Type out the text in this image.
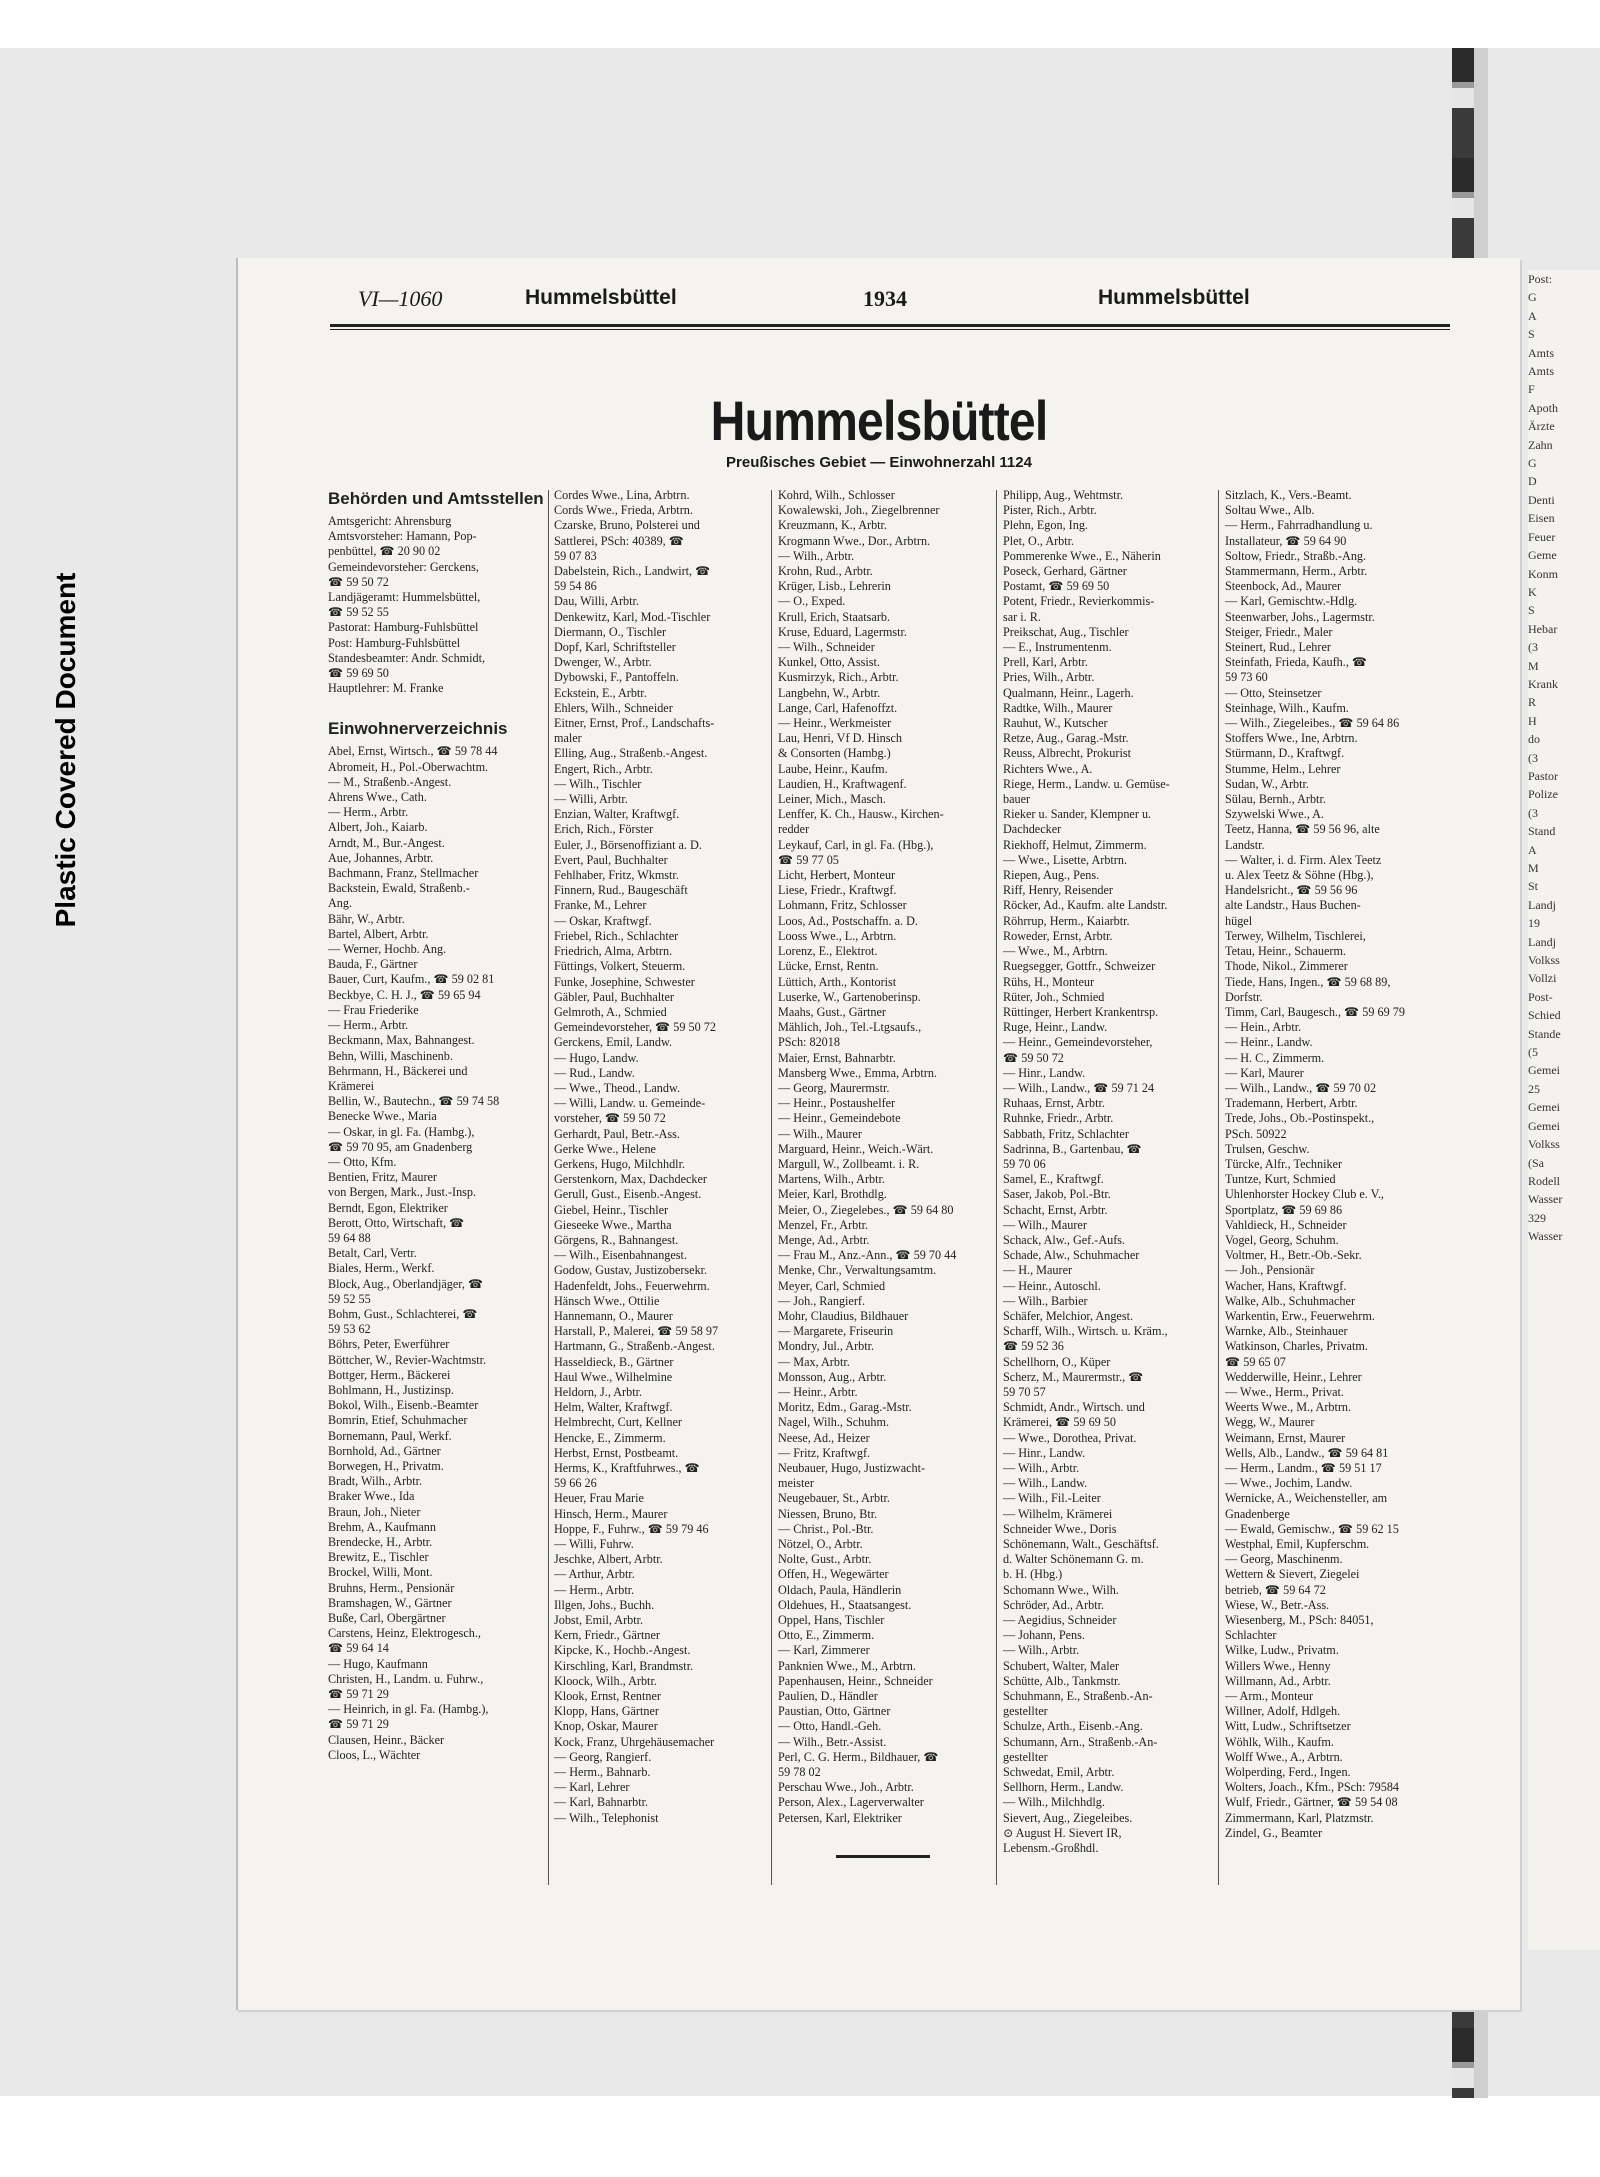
Post:
G
A
S
Amts
Amts
F
Apoth
Ärzte
Zahn
G
D
Denti
Eisen
Feuer
Geme
Konm
K
S
Hebar
(3
M
Krank
R
H
do
(3
Pastor
Polize
(3
Stand
A
M
St
Landj
19
Landj
Volkss
Vollzi
Post-
Schied
Stande
(5
Gemei
25
Gemei
Gemei
Volkss
(Sa
Rodell
Wasser
329
Wasser
VI—1060	Hummelsbüttel	1934	Hummelsbüttel
Hummelsbüttel
Preußisches Gebiet — Einwohnerzahl 1124
Behörden und Amtsstellen
Amtsgericht: Ahrensburg
Amtsvorsteher: Hamann, Pop-
penbüttel, ☎ 20 90 02
Gemeindevorsteher: Gerckens,
☎ 59 50 72
Landjägeramt: Hummelsbüttel,
☎ 59 52 55
Pastorat: Hamburg-Fuhlsbüttel
Post: Hamburg-Fuhlsbüttel
Standesbeamter: Andr. Schmidt,
☎ 59 69 50
Hauptlehrer: M. Franke
Einwohnerverzeichnis
Abel, Ernst, Wirtsch., ☎ 59 78 44
Abromeit, H., Pol.-Oberwachtm.
— M., Straßenb.-Angest.
Ahrens Wwe., Cath.
— Herm., Arbtr.
Albert, Joh., Kaiarb.
Arndt, M., Bur.-Angest.
Aue, Johannes, Arbtr.
Bachmann, Franz, Stellmacher
Backstein, Ewald, Straßenb.-
Ang.
Bähr, W., Arbtr.
Bartel, Albert, Arbtr.
— Werner, Hochb. Ang.
Bauda, F., Gärtner
Bauer, Curt, Kaufm., ☎ 59 02 81
Beckbye, C. H. J., ☎ 59 65 94
— Frau Friederike
— Herm., Arbtr.
Beckmann, Max, Bahnangest.
Behn, Willi, Maschinenb.
Behrmann, H., Bäckerei und
Krämerei
Bellin, W., Bautechn., ☎ 59 74 58
Benecke Wwe., Maria
— Oskar, in gl. Fa. (Hambg.),
☎ 59 70 95, am Gnadenberg
— Otto, Kfm.
Bentien, Fritz, Maurer
von Bergen, Mark., Just.-Insp.
Berndt, Egon, Elektriker
Berott, Otto, Wirtschaft, ☎
59 64 88
Betalt, Carl, Vertr.
Biales, Herm., Werkf.
Block, Aug., Oberlandjäger, ☎
59 52 55
Bohm, Gust., Schlachterei, ☎
59 53 62
Böhrs, Peter, Ewerführer
Böttcher, W., Revier-Wachtmstr.
Bottger, Herm., Bäckerei
Bohlmann, H., Justizinsp.
Bokol, Wilh., Eisenb.-Beamter
Bomrin, Etief, Schuhmacher
Bornemann, Paul, Werkf.
Bornhold, Ad., Gärtner
Borwegen, H., Privatm.
Bradt, Wilh., Arbtr.
Braker Wwe., Ida
Braun, Joh., Nieter
Brehm, A., Kaufmann
Brendecke, H., Arbtr.
Brewitz, E., Tischler
Brockel, Willi, Mont.
Bruhns, Herm., Pensionär
Bramshagen, W., Gärtner
Buße, Carl, Obergärtner
Carstens, Heinz, Elektrogesch.,
☎ 59 64 14
— Hugo, Kaufmann
Christen, H., Landm. u. Fuhrw.,
☎ 59 71 29
— Heinrich, in gl. Fa. (Hambg.),
☎ 59 71 29
Clausen, Heinr., Bäcker
Cloos, L., Wächter
Cordes Wwe., Lina, Arbtrn.
Cords Wwe., Frieda, Arbtrn.
Czarske, Bruno, Polsterei und
Sattlerei, PSch: 40389, ☎
59 07 83
Dabelstein, Rich., Landwirt, ☎
59 54 86
Dau, Willi, Arbtr.
Denkewitz, Karl, Mod.-Tischler
Diermann, O., Tischler
Dopf, Karl, Schriftsteller
Dwenger, W., Arbtr.
Dybowski, F., Pantoffeln.
Eckstein, E., Arbtr.
Ehlers, Wilh., Schneider
Eitner, Ernst, Prof., Landschafts-
maler
Elling, Aug., Straßenb.-Angest.
Engert, Rich., Arbtr.
— Wilh., Tischler
— Willi, Arbtr.
Enzian, Walter, Kraftwgf.
Erich, Rich., Förster
Euler, J., Börsenoffiziant a. D.
Evert, Paul, Buchhalter
Fehlhaber, Fritz, Wkmstr.
Finnern, Rud., Baugeschäft
Franke, M., Lehrer
— Oskar, Kraftwgf.
Friebel, Rich., Schlachter
Friedrich, Alma, Arbtrn.
Füttings, Volkert, Steuerm.
Funke, Josephine, Schwester
Gäbler, Paul, Buchhalter
Gelmroth, A., Schmied
Gemeindevorsteher, ☎ 59 50 72
Gerckens, Emil, Landw.
— Hugo, Landw.
— Rud., Landw.
— Wwe., Theod., Landw.
— Willi, Landw. u. Gemeinde-
vorsteher, ☎ 59 50 72
Gerhardt, Paul, Betr.-Ass.
Gerke Wwe., Helene
Gerkens, Hugo, Milchhdlr.
Gerstenkorn, Max, Dachdecker
Gerull, Gust., Eisenb.-Angest.
Giebel, Heinr., Tischler
Gieseeke Wwe., Martha
Görgens, R., Bahnangest.
— Wilh., Eisenbahnangest.
Godow, Gustav, Justizobersekr.
Hadenfeldt, Johs., Feuerwehrm.
Hänsch Wwe., Ottilie
Hannemann, O., Maurer
Harstall, P., Malerei, ☎ 59 58 97
Hartmann, G., Straßenb.-Angest.
Hasseldieck, B., Gärtner
Haul Wwe., Wilhelmine
Heldorn, J., Arbtr.
Helm, Walter, Kraftwgf.
Helmbrecht, Curt, Kellner
Hencke, E., Zimmerm.
Herbst, Ernst, Postbeamt.
Herms, K., Kraftfuhrwes., ☎
59 66 26
Heuer, Frau Marie
Hinsch, Herm., Maurer
Hoppe, F., Fuhrw., ☎ 59 79 46
— Willi, Fuhrw.
Jeschke, Albert, Arbtr.
— Arthur, Arbtr.
— Herm., Arbtr.
Illgen, Johs., Buchh.
Jobst, Emil, Arbtr.
Kern, Friedr., Gärtner
Kipcke, K., Hochb.-Angest.
Kirschling, Karl, Brandmstr.
Kloock, Wilh., Arbtr.
Klook, Ernst, Rentner
Klopp, Hans, Gärtner
Knop, Oskar, Maurer
Kock, Franz, Uhrgehäusemacher
— Georg, Rangierf.
— Herm., Bahnarb.
— Karl, Lehrer
— Karl, Bahnarbtr.
— Wilh., Telephonist
Kohrd, Wilh., Schlosser
Kowalewski, Joh., Ziegelbrenner
Kreuzmann, K., Arbtr.
Krogmann Wwe., Dor., Arbtrn.
— Wilh., Arbtr.
Krohn, Rud., Arbtr.
Krüger, Lisb., Lehrerin
— O., Exped.
Krull, Erich, Staatsarb.
Kruse, Eduard, Lagermstr.
— Wilh., Schneider
Kunkel, Otto, Assist.
Kusmirzyk, Rich., Arbtr.
Langbehn, W., Arbtr.
Lange, Carl, Hafenoffzt.
— Heinr., Werkmeister
Lau, Henri, Vf D. Hinsch
& Consorten (Hambg.)
Laube, Heinr., Kaufm.
Laudien, H., Kraftwagenf.
Leiner, Mich., Masch.
Lenffer, K. Ch., Hausw., Kirchen-
redder
Leykauf, Carl, in gl. Fa. (Hbg.),
☎ 59 77 05
Licht, Herbert, Monteur
Liese, Friedr., Kraftwgf.
Lohmann, Fritz, Schlosser
Loos, Ad., Postschaffn. a. D.
Looss Wwe., L., Arbtrn.
Lorenz, E., Elektrot.
Lücke, Ernst, Rentn.
Lüttich, Arth., Kontorist
Luserke, W., Gartenoberinsp.
Maahs, Gust., Gärtner
Mählich, Joh., Tel.-Ltgsaufs.,
PSch: 82018
Maier, Ernst, Bahnarbtr.
Mansberg Wwe., Emma, Arbtrn.
— Georg, Maurermstr.
— Heinr., Postaushelfer
— Heinr., Gemeindebote
— Wilh., Maurer
Marguard, Heinr., Weich.-Wärt.
Margull, W., Zollbeamt. i. R.
Martens, Wilh., Arbtr.
Meier, Karl, Brothdlg.
Meier, O., Ziegelebes., ☎ 59 64 80
Menzel, Fr., Arbtr.
Menge, Ad., Arbtr.
— Frau M., Anz.-Ann., ☎ 59 70 44
Menke, Chr., Verwaltungsamtm.
Meyer, Carl, Schmied
— Joh., Rangierf.
Mohr, Claudius, Bildhauer
— Margarete, Friseurin
Mondry, Jul., Arbtr.
— Max, Arbtr.
Monsson, Aug., Arbtr.
— Heinr., Arbtr.
Moritz, Edm., Garag.-Mstr.
Nagel, Wilh., Schuhm.
Neese, Ad., Heizer
— Fritz, Kraftwgf.
Neubauer, Hugo, Justizwacht-
meister
Neugebauer, St., Arbtr.
Niessen, Bruno, Btr.
— Christ., Pol.-Btr.
Nötzel, O., Arbtr.
Nolte, Gust., Arbtr.
Offen, H., Wegewärter
Oldach, Paula, Händlerin
Oldehues, H., Staatsangest.
Oppel, Hans, Tischler
Otto, E., Zimmerm.
— Karl, Zimmerer
Panknien Wwe., M., Arbtrn.
Papenhausen, Heinr., Schneider
Paulien, D., Händler
Paustian, Otto, Gärtner
— Otto, Handl.-Geh.
— Wilh., Betr.-Assist.
Perl, C. G. Herm., Bildhauer, ☎
59 78 02
Perschau Wwe., Joh., Arbtr.
Person, Alex., Lagerverwalter
Petersen, Karl, Elektriker
Philipp, Aug., Wehtmstr.
Pister, Rich., Arbtr.
Plehn, Egon, Ing.
Plet, O., Arbtr.
Pommerenke Wwe., E., Näherin
Poseck, Gerhard, Gärtner
Postamt, ☎ 59 69 50
Potent, Friedr., Revierkommis-
sar i. R.
Preikschat, Aug., Tischler
— E., Instrumentenm.
Prell, Karl, Arbtr.
Pries, Wilh., Arbtr.
Qualmann, Heinr., Lagerh.
Radtke, Wilh., Maurer
Rauhut, W., Kutscher
Retze, Aug., Garag.-Mstr.
Reuss, Albrecht, Prokurist
Richters Wwe., A.
Riege, Herm., Landw. u. Gemüse-
bauer
Rieker u. Sander, Klempner u.
Dachdecker
Riekhoff, Helmut, Zimmerm.
— Wwe., Lisette, Arbtrn.
Riepen, Aug., Pens.
Riff, Henry, Reisender
Röcker, Ad., Kaufm. alte Landstr.
Röhrrup, Herm., Kaiarbtr.
Roweder, Ernst, Arbtr.
— Wwe., M., Arbtrn.
Ruegsegger, Gottfr., Schweizer
Rühs, H., Monteur
Rüter, Joh., Schmied
Rüttinger, Herbert Krankentrsp.
Ruge, Heinr., Landw.
— Heinr., Gemeindevorsteher,
☎ 59 50 72
— Hinr., Landw.
— Wilh., Landw., ☎ 59 71 24
Ruhaas, Ernst, Arbtr.
Ruhnke, Friedr., Arbtr.
Sabbath, Fritz, Schlachter
Sadrinna, B., Gartenbau, ☎
59 70 06
Samel, E., Kraftwgf.
Saser, Jakob, Pol.-Btr.
Schacht, Ernst, Arbtr.
— Wilh., Maurer
Schack, Alw., Gef.-Aufs.
Schade, Alw., Schuhmacher
— H., Maurer
— Heinr., Autoschl.
— Wilh., Barbier
Schäfer, Melchior, Angest.
Scharff, Wilh., Wirtsch. u. Kräm.,
☎ 59 52 36
Schellhorn, O., Küper
Scherz, M., Maurermstr., ☎
59 70 57
Schmidt, Andr., Wirtsch. und
Krämerei, ☎ 59 69 50
— Wwe., Dorothea, Privat.
— Hinr., Landw.
— Wilh., Arbtr.
— Wilh., Landw.
— Wilh., Fil.-Leiter
— Wilhelm, Krämerei
Schneider Wwe., Doris
Schönemann, Walt., Geschäftsf.
d. Walter Schönemann G. m.
b. H. (Hbg.)
Schomann Wwe., Wilh.
Schröder, Ad., Arbtr.
— Aegidius, Schneider
— Johann, Pens.
— Wilh., Arbtr.
Schubert, Walter, Maler
Schütte, Alb., Tankmstr.
Schuhmann, E., Straßenb.-An-
gestellter
Schulze, Arth., Eisenb.-Ang.
Schumann, Arn., Straßenb.-An-
gestellter
Schwedat, Emil, Arbtr.
Sellhorn, Herm., Landw.
— Wilh., Milchhdlg.
Sievert, Aug., Ziegeleibes.
⊙ August H. Sievert IR,
Lebensm.-Großhdl.
Sitzlach, K., Vers.-Beamt.
Soltau Wwe., Alb.
— Herm., Fahrradhandlung u.
Installateur, ☎ 59 64 90
Soltow, Friedr., Straßb.-Ang.
Stammermann, Herm., Arbtr.
Steenbock, Ad., Maurer
— Karl, Gemischtw.-Hdlg.
Steenwarber, Johs., Lagermstr.
Steiger, Friedr., Maler
Steinert, Rud., Lehrer
Steinfath, Frieda, Kaufh., ☎
59 73 60
— Otto, Steinsetzer
Steinhage, Wilh., Kaufm.
— Wilh., Ziegeleibes., ☎ 59 64 86
Stoffers Wwe., Ine, Arbtrn.
Stürmann, D., Kraftwgf.
Stumme, Helm., Lehrer
Sudan, W., Arbtr.
Sülau, Bernh., Arbtr.
Szywelski Wwe., A.
Teetz, Hanna, ☎ 59 56 96, alte
Landstr.
— Walter, i. d. Firm. Alex Teetz
u. Alex Teetz & Söhne (Hbg.),
Handelsricht., ☎ 59 56 96
alte Landstr., Haus Buchen-
hügel
Terwey, Wilhelm, Tischlerei,
Tetau, Heinr., Schauerm.
Thode, Nikol., Zimmerer
Tiede, Hans, Ingen., ☎ 59 68 89,
Dorfstr.
Timm, Carl, Baugesch., ☎ 59 69 79
— Hein., Arbtr.
— Heinr., Landw.
— H. C., Zimmerm.
— Karl, Maurer
— Wilh., Landw., ☎ 59 70 02
Trademann, Herbert, Arbtr.
Trede, Johs., Ob.-Postinspekt.,
PSch. 50922
Trulsen, Geschw.
Türcke, Alfr., Techniker
Tuntze, Kurt, Schmied
Uhlenhorster Hockey Club e. V.,
Sportplatz, ☎ 59 69 86
Vahldieck, H., Schneider
Vogel, Georg, Schuhm.
Voltmer, H., Betr.-Ob.-Sekr.
— Joh., Pensionär
Wacher, Hans, Kraftwgf.
Walke, Alb., Schuhmacher
Warkentin, Erw., Feuerwehrm.
Warnke, Alb., Steinhauer
Watkinson, Charles, Privatm.
☎ 59 65 07
Wedderwille, Heinr., Lehrer
— Wwe., Herm., Privat.
Weerts Wwe., M., Arbtrn.
Wegg, W., Maurer
Weimann, Ernst, Maurer
Wells, Alb., Landw., ☎ 59 64 81
— Herm., Landm., ☎ 59 51 17
— Wwe., Jochim, Landw.
Wernicke, A., Weichensteller, am
Gnadenberge
— Ewald, Gemischw., ☎ 59 62 15
Westphal, Emil, Kupferschm.
— Georg, Maschinenm.
Wettern & Sievert, Ziegelei
betrieb, ☎ 59 64 72
Wiese, W., Betr.-Ass.
Wiesenberg, M., PSch: 84051,
Schlachter
Wilke, Ludw., Privatm.
Willers Wwe., Henny
Willmann, Ad., Arbtr.
— Arm., Monteur
Willner, Adolf, Hdlgeh.
Witt, Ludw., Schriftsetzer
Wöhlk, Wilh., Kaufm.
Wolff Wwe., A., Arbtrn.
Wolperding, Ferd., Ingen.
Wolters, Joach., Kfm., PSch: 79584
Wulf, Friedr., Gärtner, ☎ 59 54 08
Zimmermann, Karl, Platzmstr.
Zindel, G., Beamter
Plastic Covered Document
